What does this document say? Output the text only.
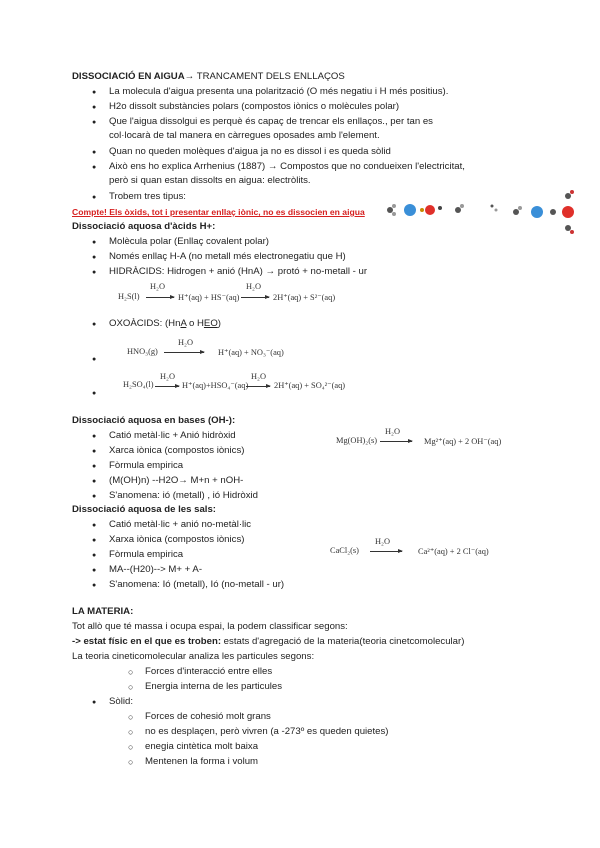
DISSOCIACIÓ EN AIGUA→ TRANCAMENT DELS ENLLAÇOS
● La molecula d'aigua presenta una polarització (O més negatiu i H més positius).
● H2o dissolt substàncies polars (compostos iònics o molècules polar)
● Que l'aigua dissolgui es perquè és capaç de trencar els enllaços., per tan es
col·locarà de tal manera en càrregues oposades amb l'element.
● Quan no queden molèques d'aigua ja no es dissol i es queda sòlid
● Això ens ho explica Arrhenius (1887) → Compostos que no condueixen l'electricitat,
però si quan estan dissolts en aigua: electròlits.
● Trobem tres tipus:
Compte! Els òxids, tot i presentar enllaç iònic, no es dissocien en aigua
Dissociació aquosa d'àcids H+:
● Molècula polar (Enllaç covalent polar)
● Només enllaç H-A (no metall més electronegatiu que H)
● HIDRÀCIDS: Hidrogen + anió (HnA) → protó + no-metall - ur
H₂S(l)
H₂O
→ H⁺(aq) + HS⁻(aq)
H₂O
→ 2H⁺(aq) + S²⁻(aq)
● OXOÀCIDS: (HnA o HEO)
●
HNO₃(g)
H₂O
H⁺(aq) + NO₃⁻(aq)
●
H₂SO₄(l)
H₂O
→ H⁺(aq)+HSO₄⁻(aq)
H₂O
→ 2H⁺(aq) + SO₄²⁻(aq)
Dissociació aquosa en bases (OH-):
● Catió metàl·lic + Anió hidròxid
● Xarca iònica (compostos iònics)
● Fòrmula empirica
● (M(OH)n) --H2O→ M+n + nOH-
● S'anomena: ió (metall) , ió Hidròxid
Mg(OH)₂(s)
H₂O
→ Mg²⁺(aq) + 2 OH⁻(aq)
Dissociació aquosa de les sals:
● Catió metàl·lic + anió no-metàl·lic
● Xarxa iònica (compostos iònics)
● Fòrmula empirica
● MA--(H20)--> M+ + A-
● S'anomena: Ió (metall), Ió (no-metall - ur)
CaCl₂(s)
H₂O
Ca²⁺(aq) + 2 Cl⁻(aq)
LA MATERIA:
Tot allò que té massa i ocupa espai, la podem classificar segons:
-> estat físic en el que es troben: estats d'agregació de la materia(teoria cinetcomolecular)
La teoria cineticomolecular analiza les particules segons:
○ Forces d'interacció entre elles
○ Energia interna de les particules
● Sòlid:
○ Forces de cohesió molt grans
○ no es desplaçen, però vivren (a -273º es queden quietes)
○ enegia cintètica molt baixa
○ Mentenen la forma i volum
